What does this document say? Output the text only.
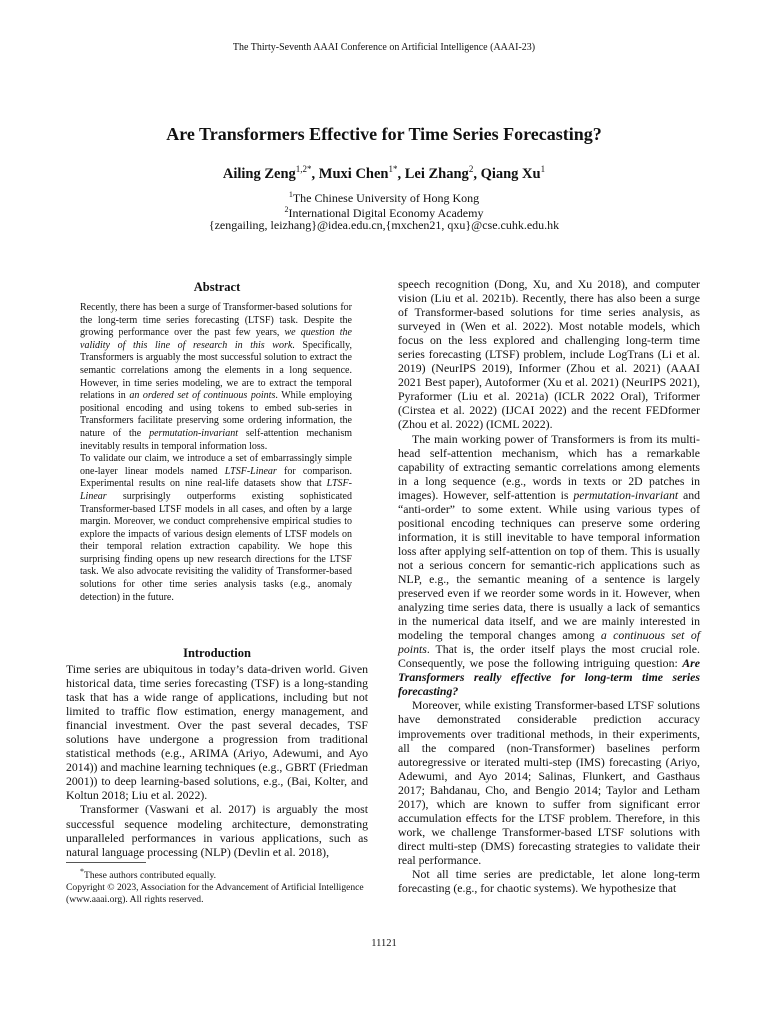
The Thirty-Seventh AAAI Conference on Artificial Intelligence (AAAI-23)
Are Transformers Effective for Time Series Forecasting?
Ailing Zeng$^{1,2*}$, Muxi Chen$^{1*}$, Lei Zhang$^2$, Qiang Xu$^1$
$^1$The Chinese University of Hong Kong
$^2$International Digital Economy Academy
{zengailing, leizhang}@idea.edu.cn,{mxchen21, qxu}@cse.cuhk.edu.hk
Abstract

Recently, there has been a surge of Transformer-based solutions for the long-term time series forecasting (LTSF) task. Despite the growing performance over the past few years, we question the validity of this line of research in this work. Specifically, Transformers is arguably the most successful solution to extract the semantic correlations among the elements in a long sequence. However, in time series modeling, we are to extract the temporal relations in an ordered set of continuous points. While employing positional encoding and using tokens to embed sub-series in Transformers facilitate preserving some ordering information, the nature of the permutation-invariant self-attention mechanism inevitably results in temporal information loss.

To validate our claim, we introduce a set of embarrassingly simple one-layer linear models named LTSF-Linear for comparison. Experimental results on nine real-life datasets show that LTSF-Linear surprisingly outperforms existing sophisticated Transformer-based LTSF models in all cases, and often by a large margin. Moreover, we conduct comprehensive empirical studies to explore the impacts of various design elements of LTSF models on their temporal relation extraction capability. We hope this surprising finding opens up new research directions for the LTSF task. We also advocate revisiting the validity of Transformer-based solutions for other time series analysis tasks (e.g., anomaly detection) in the future.

Introduction

Time series are ubiquitous in today’s data-driven world. Given historical data, time series forecasting (TSF) is a long-standing task that has a wide range of applications, including but not limited to traffic flow estimation, energy management, and financial investment. Over the past several decades, TSF solutions have undergone a progression from traditional statistical methods (e.g., ARIMA (Ariyo, Adewumi, and Ayo 2014)) and machine learning techniques (e.g., GBRT (Friedman 2001)) to deep learning-based solutions, e.g., (Bai, Kolter, and Koltun 2018; Liu et al. 2022).

Transformer (Vaswani et al. 2017) is arguably the most successful sequence modeling architecture, demonstrating unparalleled performances in various applications, such as natural language processing (NLP) (Devlin et al. 2018),

*These authors contributed equally.

Copyright © 2023, Association for the Advancement of Artificial Intelligence (www.aaai.org). All rights reserved.

speech recognition (Dong, Xu, and Xu 2018), and computer vision (Liu et al. 2021b). Recently, there has also been a surge of Transformer-based solutions for time series analysis, as surveyed in (Wen et al. 2022). Most notable models, which focus on the less explored and challenging long-term time series forecasting (LTSF) problem, include LogTrans (Li et al. 2019) (NeurIPS 2019), Informer (Zhou et al. 2021) (AAAI 2021 Best paper), Autoformer (Xu et al. 2021) (NeurIPS 2021), Pyraformer (Liu et al. 2021a) (ICLR 2022 Oral), Triformer (Cirstea et al. 2022) (IJCAI 2022) and the recent FEDformer (Zhou et al. 2022) (ICML 2022).

The main working power of Transformers is from its multi-head self-attention mechanism, which has a remarkable capability of extracting semantic correlations among elements in a long sequence (e.g., words in texts or 2D patches in images). However, self-attention is permutation-invariant and “anti-order” to some extent. While using various types of positional encoding techniques can preserve some ordering information, it is still inevitable to have temporal information loss after applying self-attention on top of them. This is usually not a serious concern for semantic-rich applications such as NLP, e.g., the semantic meaning of a sentence is largely preserved even if we reorder some words in it. However, when analyzing time series data, there is usually a lack of semantics in the numerical data itself, and we are mainly interested in modeling the temporal changes among a continuous set of points. That is, the order itself plays the most crucial role. Consequently, we pose the following intriguing question: Are Transformers really effective for long-term time series forecasting?

Moreover, while existing Transformer-based LTSF solutions have demonstrated considerable prediction accuracy improvements over traditional methods, in their experiments, all the compared (non-Transformer) baselines perform autoregressive or iterated multi-step (IMS) forecasting (Ariyo, Adewumi, and Ayo 2014; Salinas, Flunkert, and Gasthaus 2017; Bahdanau, Cho, and Bengio 2014; Taylor and Letham 2017), which are known to suffer from significant error accumulation effects for the LTSF problem. Therefore, in this work, we challenge Transformer-based LTSF solutions with direct multi-step (DMS) forecasting strategies to validate their real performance.

Not all time series are predictable, let alone long-term forecasting (e.g., for chaotic systems). We hypothesize that

11121
